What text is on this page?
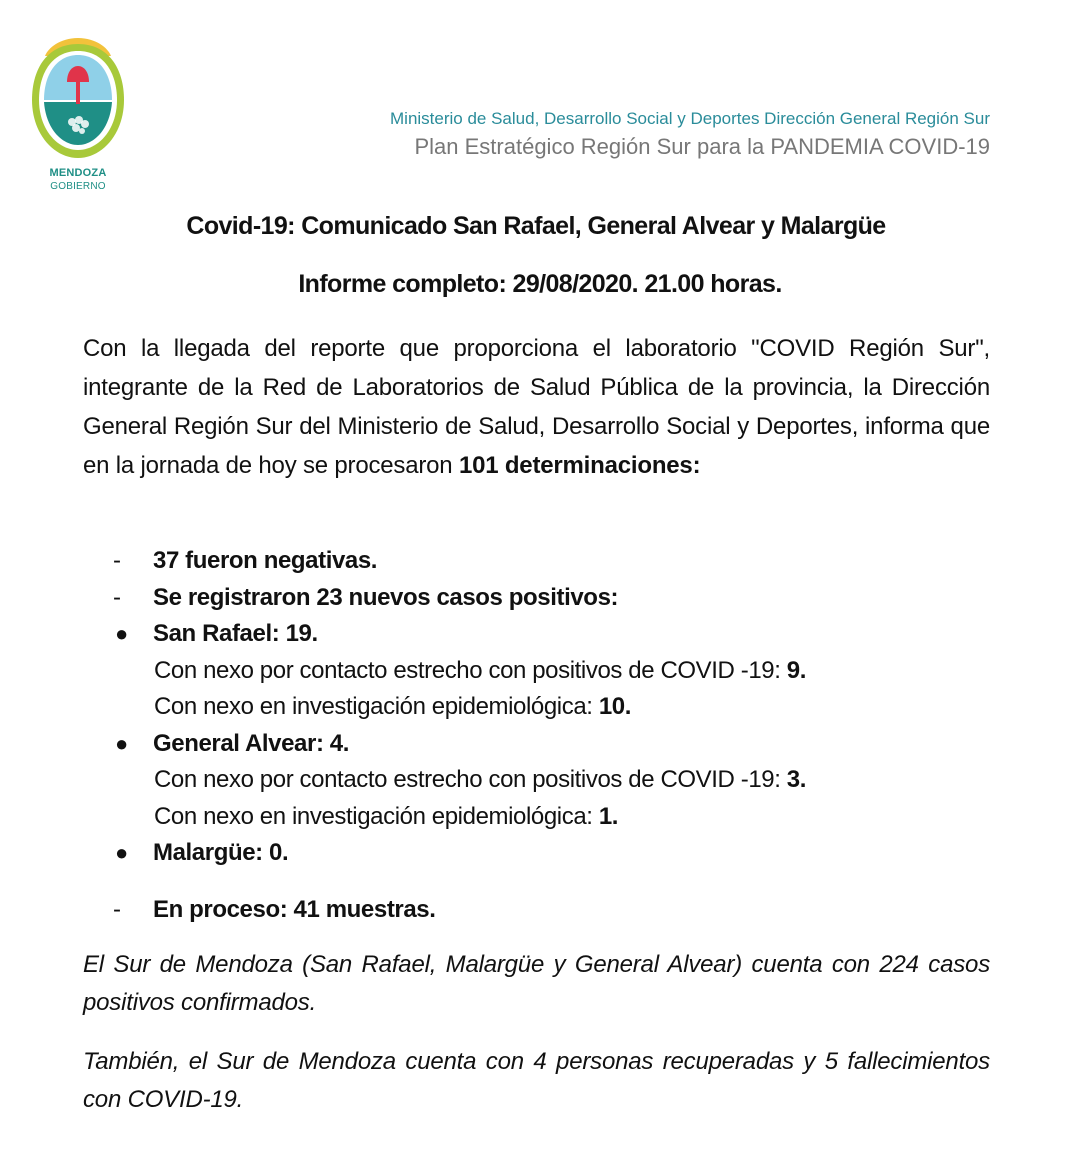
MENDOZA
GOBIERNO
Ministerio de Salud, Desarrollo Social y Deportes Dirección General Región Sur
Plan Estratégico Región Sur para la PANDEMIA COVID-19
Covid-19: Comunicado San Rafael, General Alvear y Malargüe
Informe completo: 29/08/2020. 21.00 horas.

Con la llegada del reporte que proporciona el laboratorio "COVID Región Sur", integrante de la Red de Laboratorios de Salud Pública de la provincia, la Dirección General Región Sur del Ministerio de Salud, Desarrollo Social y Deportes, informa que en la jornada de hoy se procesaron 101 determinaciones:

-	37 fueron negativas.
-	Se registraron 23 nuevos casos positivos:
●	San Rafael: 19.
Con nexo por contacto estrecho con positivos de COVID -19: 9.
Con nexo en investigación epidemiológica: 10.
●	General Alvear: 4.
Con nexo por contacto estrecho con positivos de COVID -19: 3.
Con nexo en investigación epidemiológica: 1.
●	Malargüe: 0.
-	En proceso: 41 muestras.

El Sur de Mendoza (San Rafael, Malargüe y General Alvear) cuenta con 224 casos positivos confirmados.

También, el Sur de Mendoza cuenta con 4 personas recuperadas y 5 fallecimientos con COVID-19.
